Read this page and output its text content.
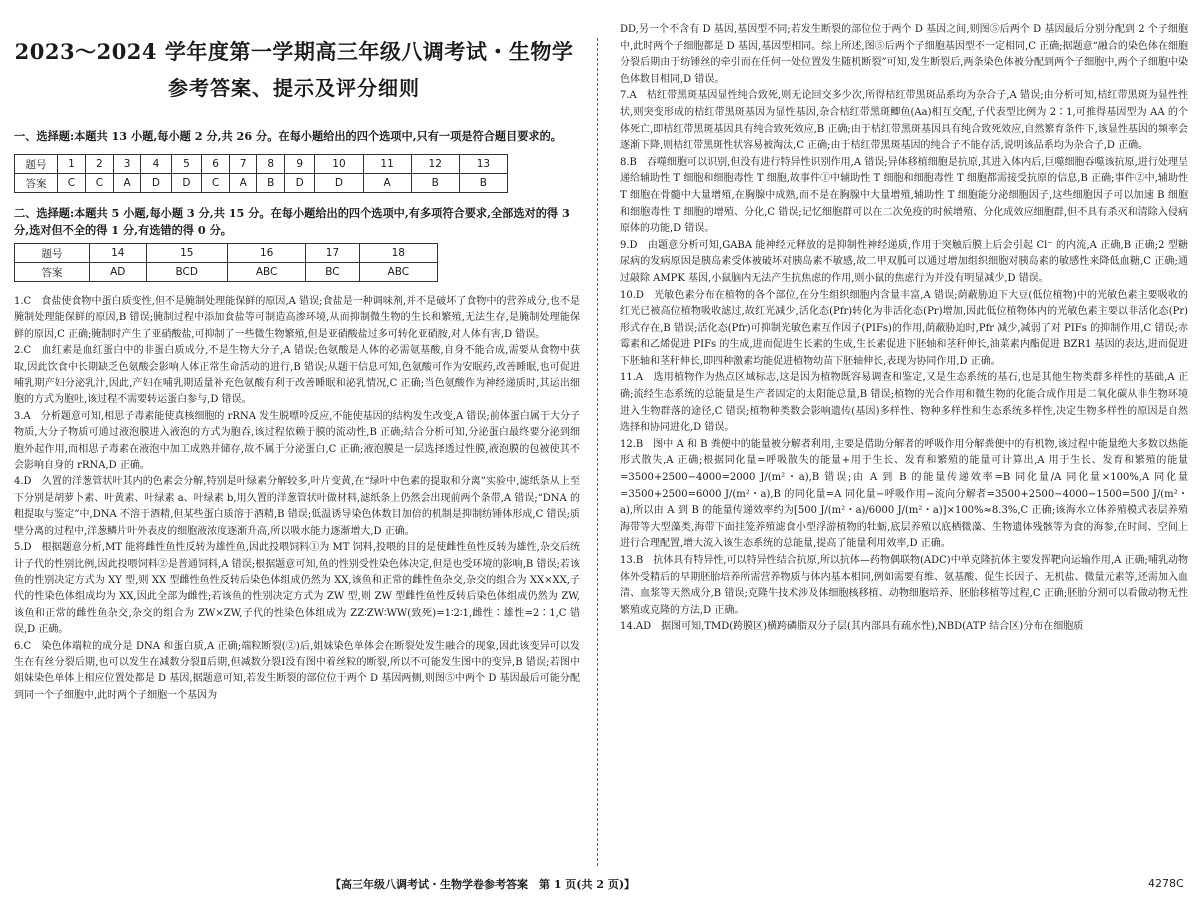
2023～2024 学年度第一学期高三年级八调考试・生物学
参考答案、提示及评分细则
一、选择题:本题共 13 小题,每小题 2 分,共 26 分。在每小题给出的四个选项中,只有一项是符合题目要求的。
题号	1	2	3	4	5	6	7	8	9	10	11	12	13
答案	C	C	A	D	D	C	A	B	D	D	A	B	B
二、选择题:本题共 5 小题,每小题 3 分,共 15 分。在每小题给出的四个选项中,有多项符合要求,全部选对的得 3 分,选对但不全的得 1 分,有选错的得 0 分。
题号	14	15	16	17	18
答案	AD	BCD	ABC	BC	ABC

1.C　食盐使食物中蛋白质变性,但不是腌制处理能保鲜的原因,A 错误;食盐是一种调味剂,并不是破坏了食物中的营养成分,也不是腌制处理能保鲜的原因,B 错误;腌制过程中添加食盐等可制造高渗环境,从而抑制微生物的生长和繁殖,无法生存,是腌制处理能保鲜的原因,C 正确;腌制时产生了亚硝酸盐,可抑制了一些微生物繁殖,但是亚硝酸盐过多可转化亚硝胺,对人体有害,D 错误。

2.C　血红素是血红蛋白中的非蛋白质成分,不是生物大分子,A 错误;色氨酸是人体的必需氨基酸,自身不能合成,需要从食物中获取,因此饮食中长期缺乏色氨酸会影响人体正常生命活动的进行,B 错误;从题干信息可知,色氨酸可作为安眠药,改善睡眠,也可促进哺乳期产妇分泌乳汁,因此,产妇在哺乳期适量补充色氨酸有利于改善睡眠和泌乳情况,C 正确;当色氨酸作为神经递质时,其运出细胞的方式为胞吐,该过程不需要转运蛋白参与,D 错误。

3.A　分析题意可知,相思子毒素能使真核细胞的 rRNA 发生脱嘌呤反应,不能使基因的结构发生改变,A 错误;前体蛋白属于大分子物质,大分子物质可通过液泡膜进入液泡的方式为胞吞,该过程依赖于膜的流动性,B 正确;结合分析可知,分泌蛋白最终要分泌到细胞外起作用,而相思子毒素在液泡中加工成熟并储存,故不属于分泌蛋白,C 正确;液泡膜是一层选择透过性膜,液泡膜的包被使其不会影响自身的 rRNA,D 正确。

4.D　久置的洋葱管状叶其内的色素会分解,特别是叶绿素分解较多,叶片变黄,在“绿叶中色素的提取和分离”实验中,滤纸条从上至下分别是胡萝卜素、叶黄素、叶绿素 a、叶绿素 b,用久置的洋葱管状叶做材料,滤纸条上仍然会出现前两个条带,A 错误;“DNA 的粗提取与鉴定”中,DNA 不溶于酒精,但某些蛋白质溶于酒精,B 错误;低温诱导染色体数目加倍的机制是抑制纺锤体形成,C 错误;质壁分离的过程中,洋葱鳞片叶外表皮的细胞液浓度逐渐升高,所以吸水能力逐渐增大,D 正确。

5.D　根据题意分析,MT 能将雌性鱼性反转为雄性鱼,因此投喂饲料①为 MT 饲料,投喂的目的是使雌性鱼性反转为雄性,杂交后统计子代的性别比例,因此投喂饲料②是普通饲料,A 错误;根据题意可知,鱼的性别受性染色体决定,但是也受环境的影响,B 错误;若该鱼的性别决定方式为 XY 型,则 XX 型雌性鱼性反转后染色体组成仍然为 XX,该鱼和正常的雌性鱼杂交,杂交的组合为 XX×XX,子代的性染色体组成均为 XX,因此全部为雌性;若该鱼的性别决定方式为 ZW 型,则 ZW 型雌性鱼性反转后染色体组成仍然为 ZW,该鱼和正常的雌性鱼杂交,杂交的组合为 ZW×ZW,子代的性染色体组成为 ZZ∶ZW∶WW(致死)=1∶2∶1,雌性∶雄性=2∶1,C 错误,D 正确。

6.C　染色体端粒的成分是 DNA 和蛋白质,A 正确;端粒断裂(②)后,姐妹染色单体会在断裂处发生融合的现象,因此该变异可以发生在有丝分裂后期,也可以发生在减数分裂Ⅱ后期,但减数分裂Ⅰ没有图中着丝粒的断裂,所以不可能发生图中的变异,B 错误;若图中姐妹染色单体上相应位置处都是 D 基因,据题意可知,若发生断裂的部位位于两个 D 基因两侧,则图⑤中两个 D 基因最后可能分配到同一个子细胞中,此时两个子细胞一个基因为

DD,另一个不含有 D 基因,基因型不同;若发生断裂的部位位于两个 D 基因之间,则图⑤后两个 D 基因最后分别分配到 2 个子细胞中,此时两个子细胞都是 D 基因,基因型相同。综上所述,图⑤后两个子细胞基因型不一定相同,C 正确;据题意“融合的染色体在细胞分裂后期由于纺锤丝的牵引而在任何一处位置发生随机断裂”可知,发生断裂后,两条染色体被分配到两个子细胞中,两个子细胞中染色体数目相同,D 错误。

7.A　桔红带黑斑基因显性纯合致死,则无论回交多少次,所得桔红带黑斑品系均为杂合子,A 错误;由分析可知,桔红带黑斑为显性性状,则突变形成的桔红带黑斑基因为显性基因,杂合桔红带黑斑鲫鱼(Aa)相互交配,子代表型比例为 2∶1,可推得基因型为 AA 的个体死亡,即桔红带黑斑基因具有纯合致死效应,B 正确;由于桔红带黑斑基因具有纯合致死效应,自然繁育条件下,该显性基因的频率会逐渐下降,则桔红带黑斑性状容易被淘汰,C 正确;由于桔红带黑斑基因的纯合子不能存活,说明该品系均为杂合子,D 正确。

8.B　吞噬细胞可以识别,但没有进行特异性识别作用,A 错误;异体移植细胞是抗原,其进入体内后,巨噬细胞吞噬该抗原,进行处理呈递给辅助性 T 细胞和细胞毒性 T 细胞,故事件①中辅助性 T 细胞和细胞毒性 T 细胞都需接受抗原的信息,B 正确;事件②中,辅助性 T 细胞在骨髓中大量增殖,在胸腺中成熟,而不是在胸腺中大量增殖,辅助性 T 细胞能分泌细胞因子,这些细胞因子可以加速 B 细胞和细胞毒性 T 细胞的增殖、分化,C 错误;记忆细胞群可以在二次免疫的时候增殖、分化成效应细胞群,但不具有杀灭和清除入侵病原体的功能,D 错误。

9.D　由题意分析可知,GABA 能神经元释放的是抑制性神经递质,作用于突触后膜上后会引起 Cl⁻ 的内流,A 正确,B 正确;2 型糖尿病的发病原因是胰岛素受体被破坏对胰岛素不敏感,故二甲双胍可以通过增加组织细胞对胰岛素的敏感性来降低血糖,C 正确;通过敲除 AMPK 基因,小鼠脑内无法产生抗焦虑的作用,则小鼠的焦虑行为并没有明显减少,D 错误。

10.D　光敏色素分布在植物的各个部位,在分生组织细胞内含量丰富,A 错误;荫蔽胁迫下大豆(低位植物)中的光敏色素主要吸收的红光已被高位植物吸收滤过,故红光减少,活化态(Pfr)转化为非活化态(Pr)增加,因此低位植物体内的光敏色素主要以非活化态(Pr)形式存在,B 错误;活化态(Pfr)可抑制光敏色素互作因子(PIFs)的作用,荫蔽胁迫时,Pfr 减少,减弱了对 PIFs 的抑制作用,C 错误;赤霉素和乙烯促进 PIFs 的生成,进而促进生长素的生成,生长素促进下胚轴和茎秆伸长,油菜素内酯促进 BZR1 基因的表达,进而促进下胚轴和茎秆伸长,即四种激素均能促进植物幼苗下胚轴伸长,表现为协同作用,D 正确。

11.A　选用植物作为热点区域标志,这是因为植物既容易调查和鉴定,又是生态系统的基石,也是其他生物类群多样性的基础,A 正确;流经生态系统的总能量是生产者固定的太阳能总量,B 错误;植物的光合作用和微生物的化能合成作用是二氧化碳从非生物环境进入生物群落的途径,C 错误;植物种类数会影响遗传(基因)多样性、物种多样性和生态系统多样性,决定生物多样性的原因是自然选择和协同进化,D 错误。

12.B　图中 A 和 B 粪便中的能量被分解者利用,主要是借助分解者的呼吸作用分解粪便中的有机物,该过程中能量绝大多数以热能形式散失,A 正确;根据同化量=呼吸散失的能量+用于生长、发育和繁殖的能量可计算出,A 用于生长、发育和繁殖的能量=3500+2500−4000=2000 J/(m²・a),B 错误;由 A 到 B 的能量传递效率=B 同化量/A 同化量×100%,A 同化量=3500+2500=6000 J/(m²・a),B 的同化量=A 同化量−呼吸作用−流向分解者=3500+2500−4000−1500=500 J/(m²・a),所以由 A 到 B 的能量传递效率约为[500 J/(m²・a)/6000 J/(m²・a)]×100%≈8.3%,C 正确;该海水立体养殖模式表层养殖海带等大型藻类,海带下面挂笼养殖滤食小型浮游植物的牡蛎,底层养殖以底栖微藻、生物遗体残骸等为食的海参,在时间、空间上进行合理配置,增大流入该生态系统的总能量,提高了能量利用效率,D 正确。

13.B　抗体具有特异性,可以特异性结合抗原,所以抗体—药物偶联物(ADC)中单克隆抗体主要发挥靶向运输作用,A 正确;哺乳动物体外受精后的早期胚胎培养所需营养物质与体内基本相同,例如需要有维、氨基酸、促生长因子、无机盐、微量元素等,还需加入血清、血浆等天然成分,B 错误;克隆牛技术涉及体细胞核移植、动物细胞培养、胚胎移植等过程,C 正确;胚胎分割可以看做动物无性繁殖或克隆的方法,D 正确。

14.AD　据图可知,TMD(跨膜区)横跨磷脂双分子层(其内部具有疏水性),NBD(ATP 结合区)分布在细胞质

【高三年级八调考试・生物学卷参考答案　第 1 页(共 2 页)】	4278C
